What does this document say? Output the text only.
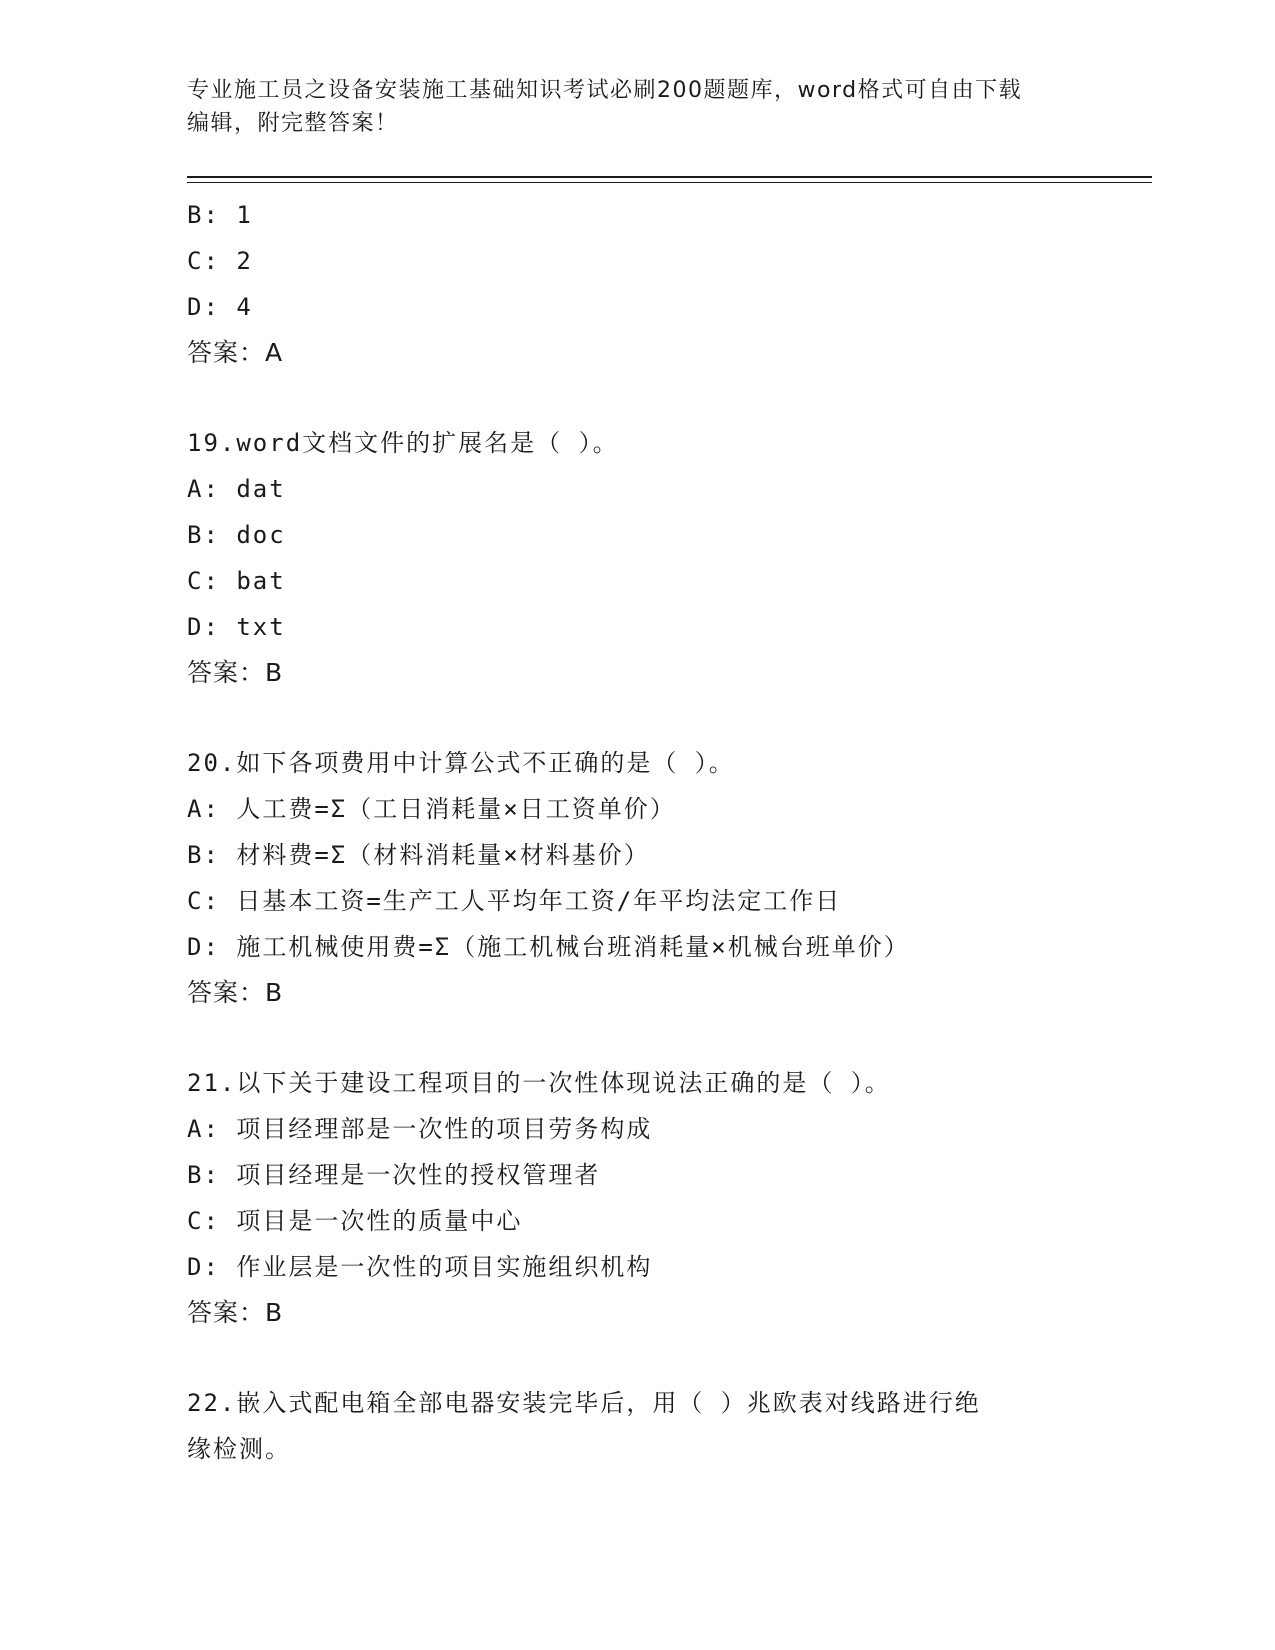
专业施工员之设备安装施工基础知识考试必刷200题题库，word格式可自由下载
编辑，附完整答案！
B: 1
C: 2
D: 4
答案：A
19.word文档文件的扩展名是（ ）。
A: dat
B: doc
C: bat
D: txt
答案：B
20.如下各项费用中计算公式不正确的是（ ）。
A: 人工费=Σ（工日消耗量×日工资单价）
B: 材料费=Σ（材料消耗量×材料基价）
C: 日基本工资=生产工人平均年工资/年平均法定工作日
D: 施工机械使用费=Σ（施工机械台班消耗量×机械台班单价）
答案：B
21.以下关于建设工程项目的一次性体现说法正确的是（ ）。
A: 项目经理部是一次性的项目劳务构成
B: 项目经理是一次性的授权管理者
C: 项目是一次性的质量中心
D: 作业层是一次性的项目实施组织机构
答案：B
22.嵌入式配电箱全部电器安装完毕后，用（ ）兆欧表对线路进行绝
缘检测。
